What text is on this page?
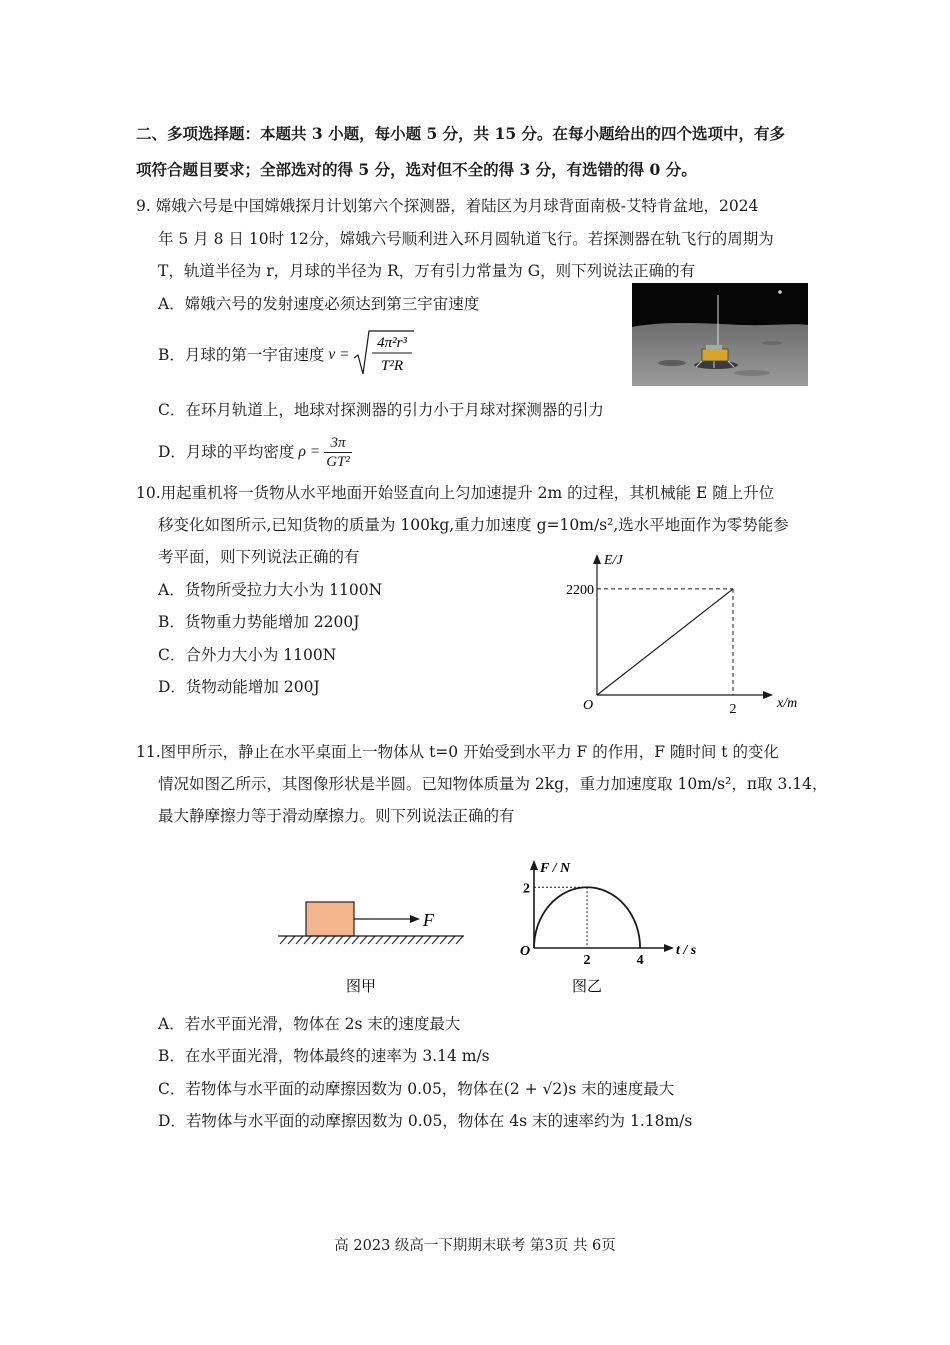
二、多项选择题：本题共 3 小题，每小题 5 分，共 15 分。在每小题给出的四个选项中，有多
项符合题目要求；全部选对的得 5 分，选对但不全的得 3 分，有选错的得 0 分。
9. 嫦娥六号是中国嫦娥探月计划第六个探测器，着陆区为月球背面南极-艾特肯盆地，2024
年 5 月 8 日 10时 12分，嫦娥六号顺利进入环月圆轨道飞行。若探测器在轨飞行的周期为
T，轨道半径为 r，月球的半径为 R，万有引力常量为 G，则下列说法正确的有
A．嫦娥六号的发射速度必须达到第三宇宙速度
B．月球的第一宇宙速度 v =
4π²r³
T²R
C．在环月轨道上，地球对探测器的引力小于月球对探测器的引力
D．月球的平均密度 $\rho = \frac{3\pi}{\text{GT²}}$
10.用起重机将一货物从水平地面开始竖直向上匀加速提升 2m 的过程，其机械能 E 随上升位
移变化如图所示,已知货物的质量为 100kg,重力加速度 g=10m/s²,选水平地面作为零势能参
考平面，则下列说法正确的有
A．货物所受拉力大小为 1100N
B．货物重力势能增加 2200J
C．合外力大小为 1100N
D．货物动能增加 200J
E/J
x/m
O
2200
2
11.图甲所示，静止在水平桌面上一物体从 t=0 开始受到水平力 F 的作用，F 随时间 t 的变化
情况如图乙所示，其图像形状是半圆。已知物体质量为 2kg，重力加速度取 10m/s²，π取 3.14，
最大静摩擦力等于滑动摩擦力。则下列说法正确的有
F
图甲
F / N
t / s
O
2
2	4
图乙
A．若水平面光滑，物体在 2s 末的速度最大
B．在水平面光滑，物体最终的速率为 3.14 m/s
C．若物体与水平面的动摩擦因数为 0.05，物体在(2 + √2)s 末的速度最大
D．若物体与水平面的动摩擦因数为 0.05，物体在 4s 末的速率约为 1.18m/s
高 2023 级高一下期期末联考 第3页 共 6页
